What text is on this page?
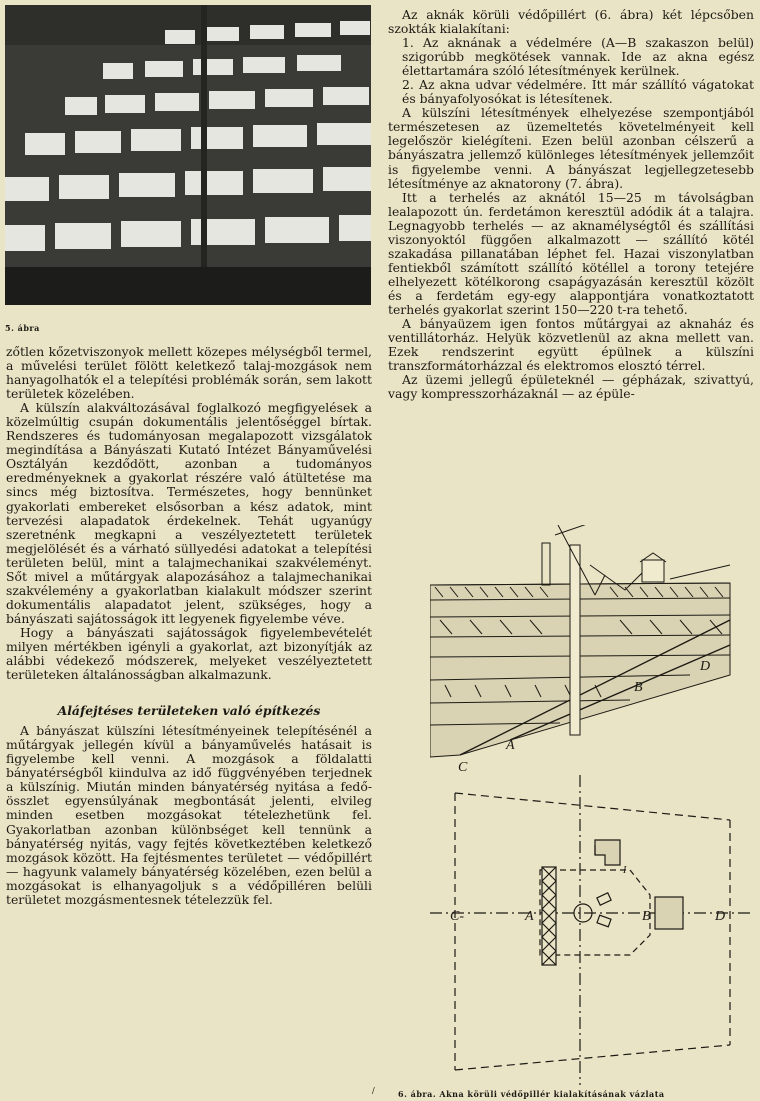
5. ábra

zőtlen kőzetviszonyok mellett közepes mélységből termel, a művelési terület fölött keletkező talaj-mozgások nem hanyagolhatók el a telepítési problémák során, sem lakott területek közelében.

A külszín alakváltozásával foglalkozó megfigyelések a közelmúltig csupán dokumentális jelentőséggel bírtak. Rendszeres és tudományosan megalapozott vizsgálatok megindítása a Bányászati Kutató Intézet Bányaművelési Osztályán kezdődött, azonban a tudományos eredményeknek a gyakorlat részére való átültetése ma sincs még biztosítva. Természetes, hogy bennünket gyakorlati embereket elsősorban a kész adatok, mint tervezési alapadatok érdekelnek. Tehát ugyanúgy szeretnénk megkapni a veszélyeztetett területek megjelölését és a várható süllyedési adatokat a telepítési területen belül, mint a talajmechanikai szakvéleményt. Sőt mivel a műtárgyak alapozásához a talajmechanikai szakvélemény a gyakorlatban kialakult módszer szerint dokumentális alapadatot jelent, szükséges, hogy a bányászati sajátosságok itt legyenek figyelembe véve.

Hogy a bányászati sajátosságok figyelembevételét milyen mértékben igényli a gyakorlat, azt bizonyítják az alábbi védekező módszerek, melyeket veszélyeztetett területeken általánosságban alkalmazunk.

Aláfejtéses területeken való építkezés

A bányászat külszíni létesítményeinek telepítésénél a műtárgyak jellegén kívül a bányaművelés hatásait is figyelembe kell venni. A mozgások a földalatti bányatérségből kiindulva az idő függvényében terjednek a külszínig. Miután minden bányatérség nyitása a fedő-összlet egyensúlyának megbontását jelenti, elvileg minden esetben mozgásokat tételezhetünk fel. Gyakorlatban azonban különbséget kell tennünk a bányatérség nyitás, vagy fejtés következtében keletkező mozgások között. Ha fejtésmentes területet — védőpillért — hagyunk valamely bányatérség közelében, ezen belül a mozgásokat is elhanyagoljuk s a védőpilléren belüli területet mozgásmentesnek tételezzük fel.

Az aknák körüli védőpillért (6. ábra) két lépcsőben szokták kialakítani:

1. Az aknának a védelmére (A—B szakaszon belül) szigorúbb megkötések vannak. Ide az akna egész élettartamára szóló létesítmények kerülnek.

2. Az akna udvar védelmére. Itt már szállító vágatokat és bányafolyosókat is létesítenek.

A külszíni létesítmények elhelyezése szempontjából természetesen az üzemeltetés követelményeit kell legelőször kielégíteni. Ezen belül azonban célszerű a bányászatra jellemző különleges létesítmények jellemzőit is figyelembe venni. A bányászat legjellegzetesebb létesítménye az aknatorony (7. ábra).

Itt a terhelés az aknától 15—25 m távolságban lealapozott ún. ferdetámon keresztül adódik át a talajra. Legnagyobb terhelés — az aknamélységtől és szállítási viszonyoktól függően alkalmazott — szállító kötél szakadása pillanatában léphet fel. Hazai viszonylatban fentiekből számított szállító kötéllel a torony tetejére elhelyezett kötélkorong csapágyazásán keresztül közölt és a ferdetám egy-egy alappontjára vonatkoztatott terhelés gyakorlat szerint 150—220 t-ra tehető.

A bányaüzem igen fontos műtárgyai az aknaház és ventillátorház. Helyük közvetlenül az akna mellett van. Ezek rendszerint együtt épülnek a külszíni transzformátorházzal és elektromos elosztó térrel.

Az üzemi jellegű épületeknél — gépházak, szivattyú, vagy kompresszorházaknál — az épüle-

C
A
B
D
C-	A	B	D
I
6. ábra. Akna körüli védőpillér kialakításának vázlata
/
